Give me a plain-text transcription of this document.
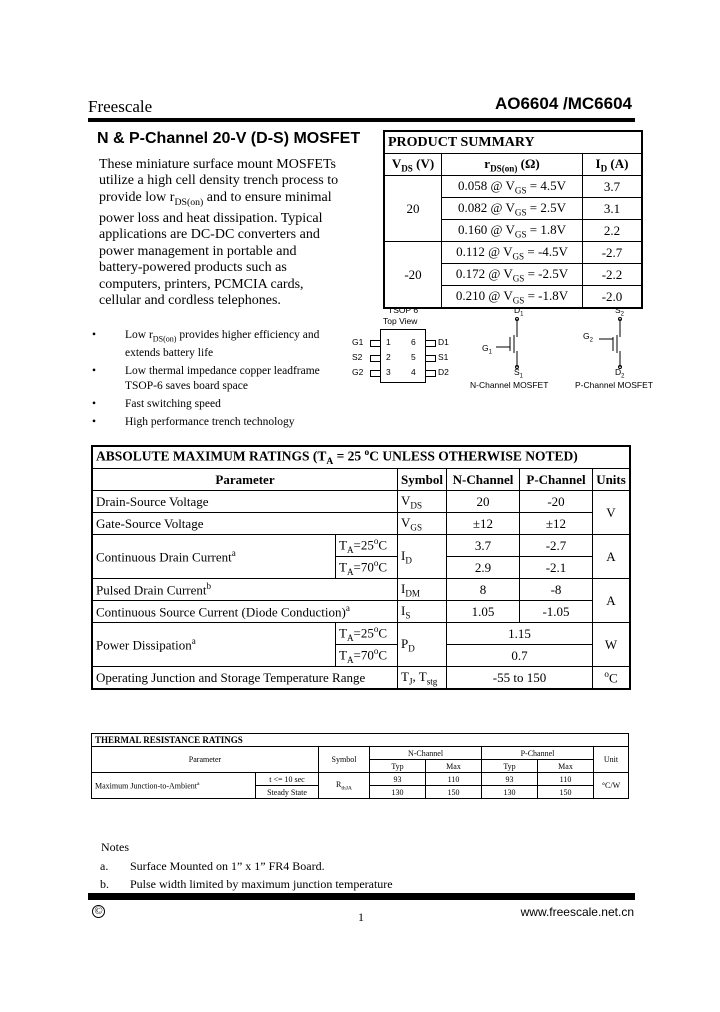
Freescale	AO6604 /MC6604
N & P-Channel 20-V (D-S) MOSFET
These miniature surface mount MOSFETs
utilize a high cell density trench process to
provide low $r_{DS(on)}$ and to ensure minimal
power loss and heat dissipation. Typical
applications are DC-DC converters and
power management in portable and
battery-powered products such as
computers, printers, PCMCIA cards,
cellular and cordless telephones.
•	Low $r_{DS(on)}$ provides higher efficiency and
extends battery life
•	Low thermal impedance copper leadframe
TSOP-6 saves board space
•	Fast switching speed
•	High performance trench technology
PRODUCT SUMMARY		
$V_{DS}$ (V)	$r_{DS(on)}$ (Ω)	$I_D$ (A)
20	0.058 @ $V_{GS} = 4.5V$	3.7
	0.082 @ $V_{GS} = 2.5V$	3.1
	0.160 @ $V_{GS} = 1.8V$	2.2
-20	0.112 @ $V_{GS} = -4.5V$	-2.7
	0.172 @ $V_{GS} = -2.5V$	-2.2
	0.210 @ $V_{GS} = -1.8V$	-2.0
TSOP 6
Top View
G1
S2
G2
1
2
3
6
5
4
D1
S1
D2
$D_1$
$G_1$
$S_1$
N-Channel MOSFET
$S_2$
$G_2$
$D_2$
P-Channel MOSFET
ABSOLUTE MAXIMUM RATINGS ($T_A = 25$ $^o$C UNLESS OTHERWISE NOTED)					
Parameter		Symbol	N-Channel	P-Channel	Units
Drain-Source Voltage		$V_{DS}$	20	-20	V
Gate-Source Voltage		$V_{GS}$	±12	±12	
Continuous Drain Current$^a$	$T_A=25^oC$	$I_D$	3.7	-2.7	A
	$T_A=70^oC$		2.9	-2.1	
Pulsed Drain Current$^b$		$I_{DM}$	8	-8	A
Continuous Source Current (Diode Conduction)$^a$		$I_S$	1.05	-1.05	
Power Dissipation$^a$	$T_A=25^oC$	$P_D$	1.15		W
	$T_A=70^oC$		0.7		
Operating Junction and Storage Temperature Range		$T_J$, $T_{stg}$	-55 to 150		$^o$C
THERMAL RESISTANCE RATINGS							
Parameter		Symbol	N-Channel		P-Channel		Unit
			Typ	Max	Typ	Max	
Maximum Junction-to-Ambient$^a$	t <= 10 sec	$R_{thJA}$	93	110	93	110	°C/W
	Steady State		130	150	130	150	
Notes
a. Surface Mounted on 1” x 1” FR4 Board.
b. Pulse width limited by maximum junction temperature
©	1	www.freescale.net.cn
